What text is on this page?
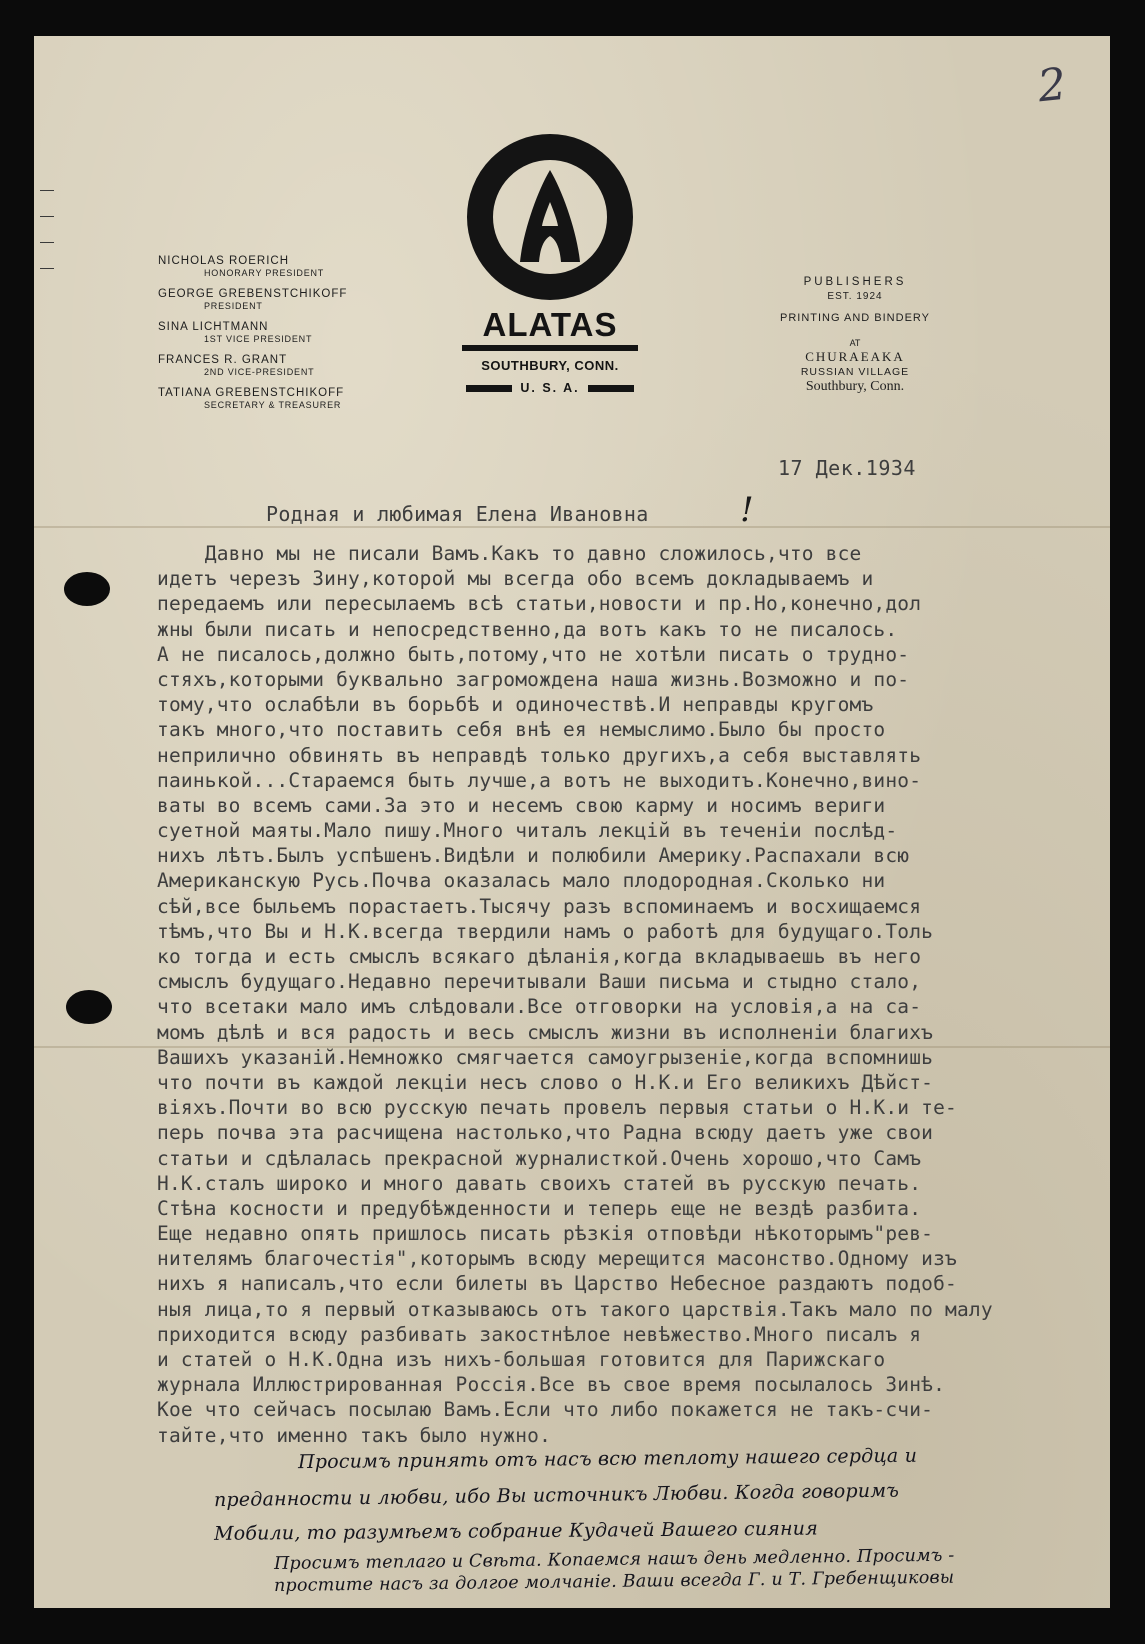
2
NICHOLAS ROERICH
HONORARY PRESIDENT
GEORGE GREBENSTCHIKOFF
PRESIDENT
SINA LICHTMANN
1ST VICE PRESIDENT
FRANCES R. GRANT
2ND VICE-PRESIDENT
TATIANA GREBENSTCHIKOFF
SECRETARY & TREASURER
ALATAS
SOUTHBURY, CONN.
U. S. A.
PUBLISHERS
EST. 1924
PRINTING AND BINDERY
AT
CHURAEAKA
RUSSIAN VILLAGE
Southbury, Conn.
17 Дек.1934
Родная и любимая Елена Ивановна	!
Давно мы не писали Вамъ.Какъ то давно сложилось,что все
идетъ черезъ Зину,которой мы всегда обо всемъ докладываемъ и
передаемъ или пересылаемъ всѣ статьи,новости и пр.Но,конечно,дол
жны были писать и непосредственно,да вотъ какъ то не писалось.
А не писалось,должно быть,потому,что не хотѣли писать о трудно-
стяхъ,которыми буквально загромождена наша жизнь.Возможно и по-
тому,что ослабѣли въ борьбѣ и одиночествѣ.И неправды кругомъ
такъ много,что поставить себя внѣ ея немыслимо.Было бы просто
неприлично обвинять въ неправдѣ только другихъ,а себя выставлять
паинькой...Стараемся быть лучше,а вотъ не выходитъ.Конечно,вино-
ваты во всемъ сами.За это и несемъ свою карму и носимъ вериги
суетной маяты.Мало пишу.Много читалъ лекцій въ теченіи послѣд-
нихъ лѣтъ.Былъ успѣшенъ.Видѣли и полюбили Америку.Распахали всю
Американскую Русь.Почва оказалась мало плодородная.Сколько ни
сѣй,все быльемъ порастаетъ.Тысячу разъ вспоминаемъ и восхищаемся
тѣмъ,что Вы и Н.К.всегда твердили намъ о работѣ для будущаго.Толь
ко тогда и есть смыслъ всякаго дѣланія,когда вкладываешь въ него
смыслъ будущаго.Недавно перечитывали Ваши письма и стыдно стало,
что всетаки мало имъ слѣдовали.Все отговорки на условія,а на са-
момъ дѣлѣ и вся радость и весь смыслъ жизни въ исполненіи благихъ
Вашихъ указаній.Немножко смягчается самоугрызеніе,когда вспомнишь
что почти въ каждой лекціи несъ слово о Н.К.и Его великихъ Дѣйст-
віяхъ.Почти во всю русскую печать провелъ первыя статьи о Н.К.и те-
перь почва эта расчищена настолько,что Радна всюду даетъ уже свои
статьи и сдѣлалась прекрасной журналисткой.Очень хорошо,что Самъ
Н.К.сталъ широко и много давать своихъ статей въ русскую печать.
Стѣна косности и предубѣжденности и теперь еще не вездѣ разбита.
Еще недавно опять пришлось писать рѣзкія отповѣди нѣкоторымъ"рев-
нителямъ благочестія",которымъ всюду мерещится масонство.Одному изъ
нихъ я написалъ,что если билеты въ Царство Небесное раздаютъ подоб-
ныя лица,то я первый отказываюсь отъ такого царствія.Такъ мало по малу
приходится всюду разбивать закостнѣлое невѣжество.Много писалъ я
и статей о Н.К.Одна изъ нихъ-большая готовится для Парижскаго
журнала Иллюстрированная Россія.Все въ свое время посылалось Зинѣ.
Кое что сейчасъ посылаю Вамъ.Если что либо покажется не такъ-счи-
тайте,что именно такъ было нужно.
Просимъ принять отъ насъ всю теплоту нашего сердца и
преданности и любви, ибо Вы источникъ Любви. Когда говоримъ
Мобили, то разумѣемъ собрание Кудачей Вашего сияния
Просимъ теплаго и Свѣта. Копаемся нашъ день медленно. Просимъ -
простите насъ за долгое молчанiе. Ваши всегда Г. и Т. Гребенщиковы
